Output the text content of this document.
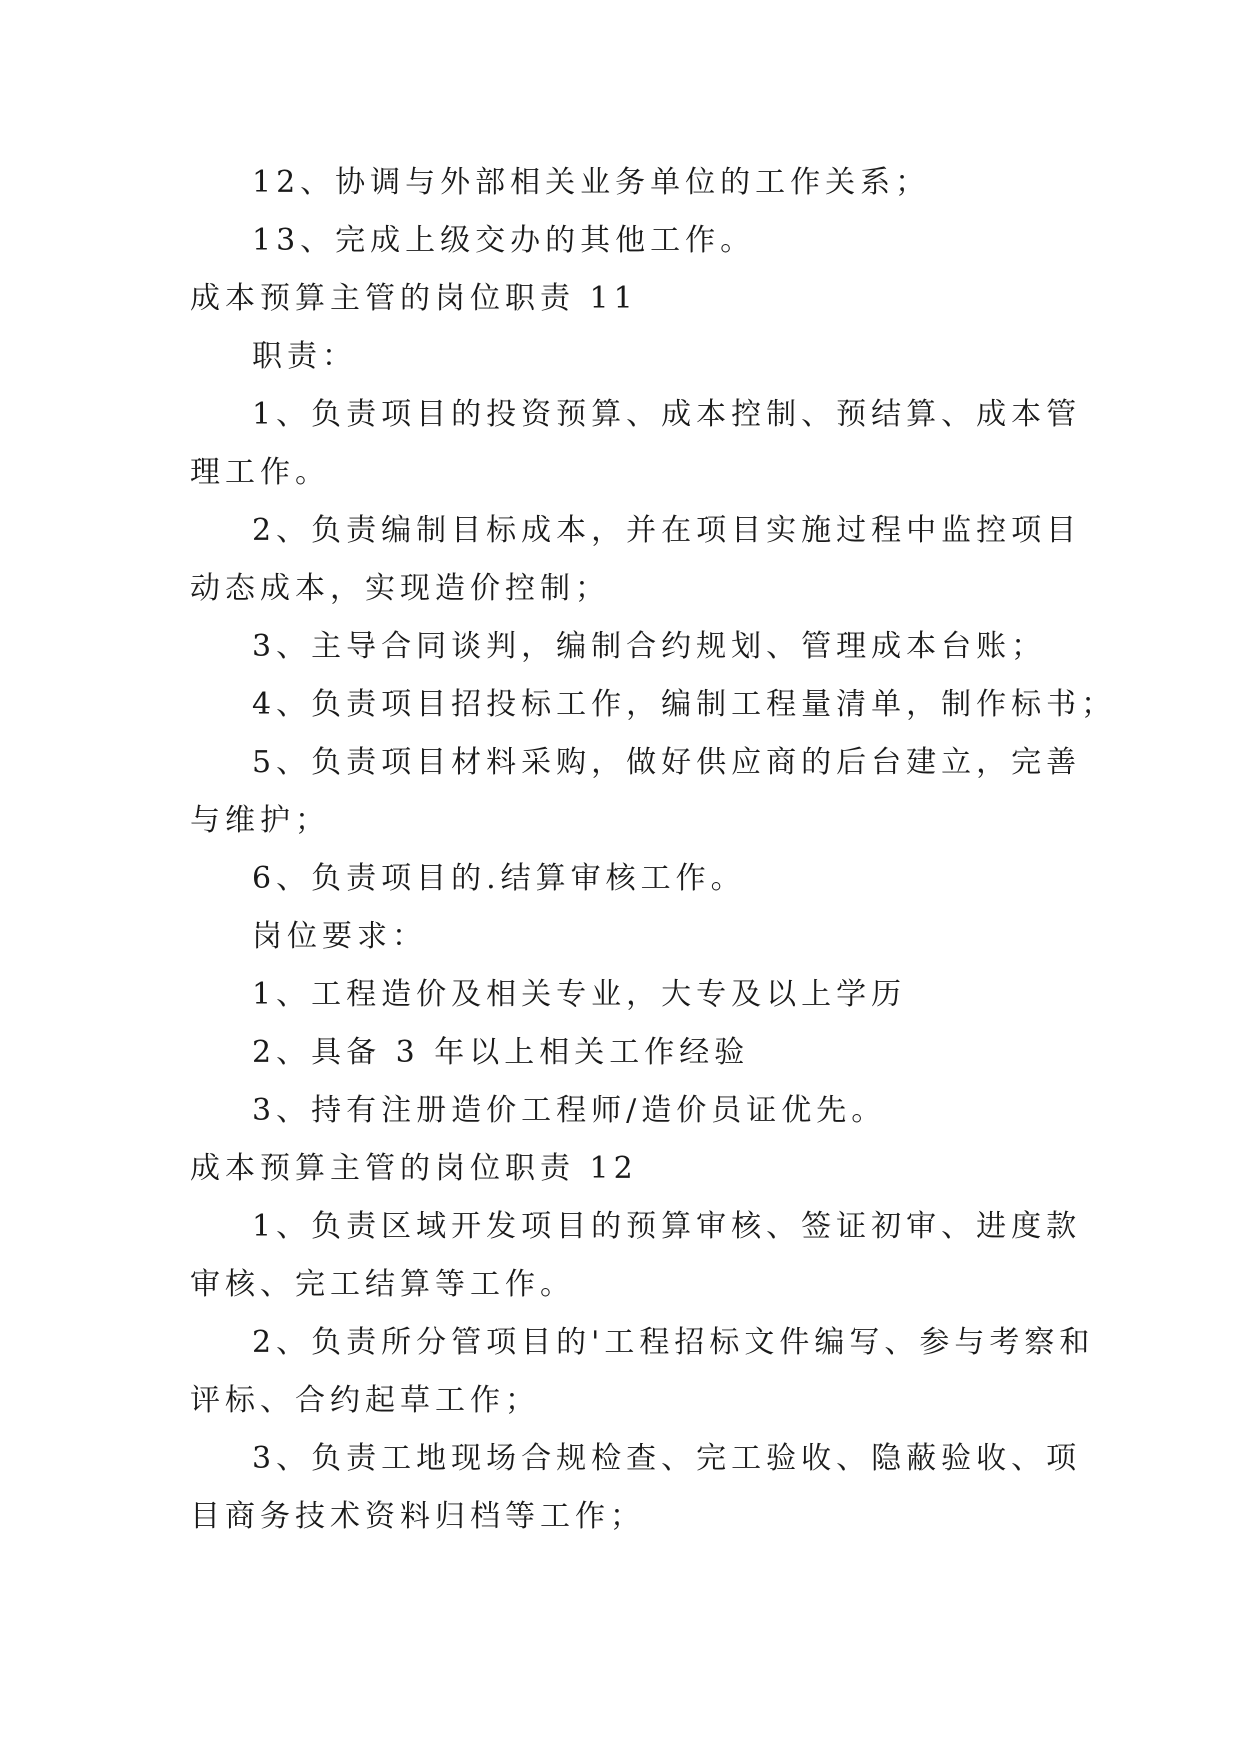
12、协调与外部相关业务单位的工作关系；
13、完成上级交办的其他工作。
成本预算主管的岗位职责 11
职责：
1、负责项目的投资预算、成本控制、预结算、成本管
理工作。
2、负责编制目标成本，并在项目实施过程中监控项目
动态成本，实现造价控制；
3、主导合同谈判，编制合约规划、管理成本台账；
4、负责项目招投标工作，编制工程量清单，制作标书；
5、负责项目材料采购，做好供应商的后台建立，完善
与维护；
6、负责项目的.结算审核工作。
岗位要求：
1、工程造价及相关专业，大专及以上学历
2、具备 3 年以上相关工作经验
3、持有注册造价工程师/造价员证优先。
成本预算主管的岗位职责 12
1、负责区域开发项目的预算审核、签证初审、进度款
审核、完工结算等工作。
2、负责所分管项目的'工程招标文件编写、参与考察和
评标、合约起草工作；
3、负责工地现场合规检查、完工验收、隐蔽验收、项
目商务技术资料归档等工作；
